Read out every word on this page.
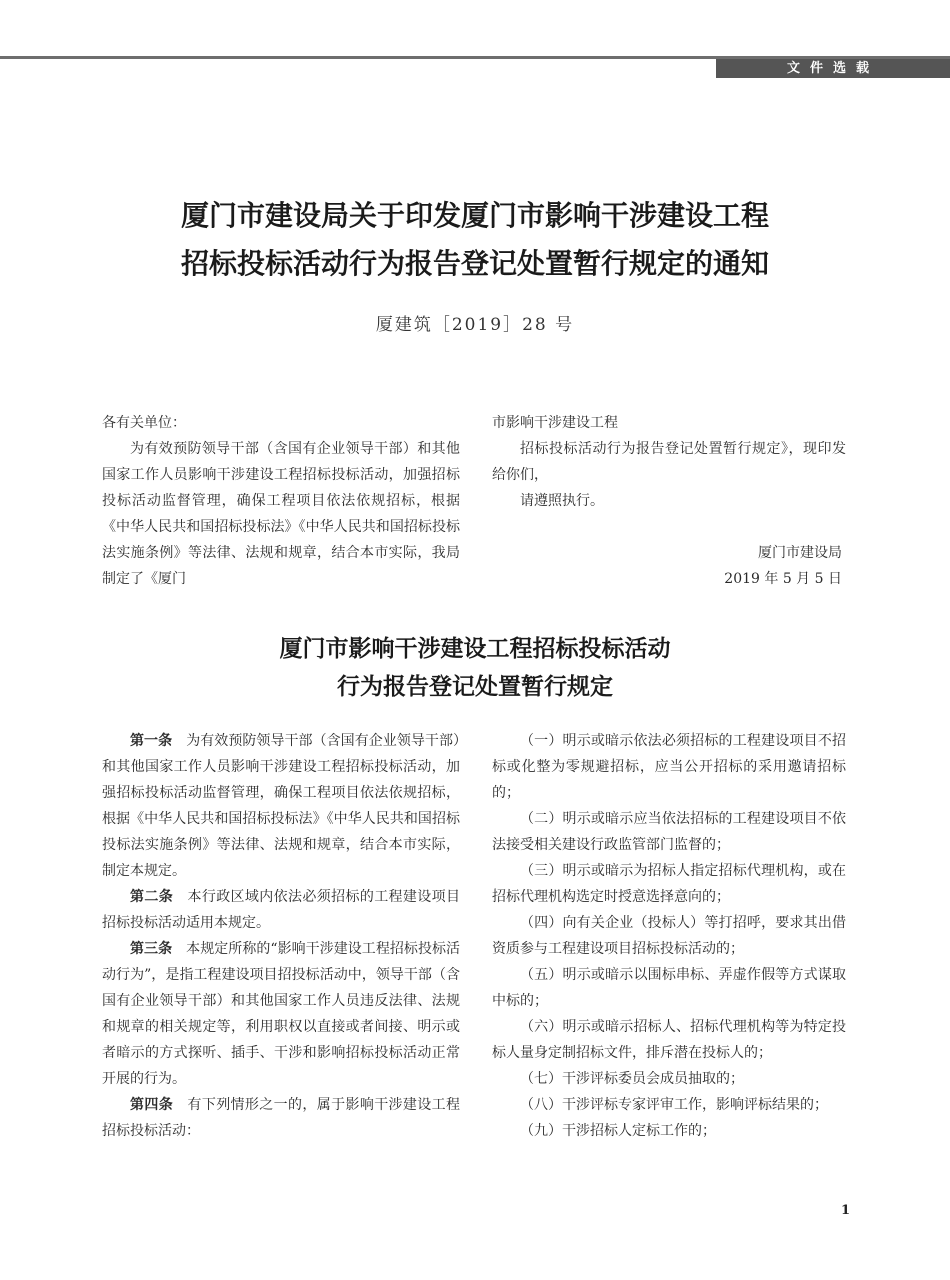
文件选载
厦门市建设局关于印发厦门市影响干涉建设工程
招标投标活动行为报告登记处置暂行规定的通知
厦建筑［2019］28 号

各有关单位：

为有效预防领导干部（含国有企业领导干部）和其他国家工作人员影响干涉建设工程招标投标活动，加强招标投标活动监督管理，确保工程项目依法依规招标，根据《中华人民共和国招标投标法》《中华人民共和国招标投标法实施条例》等法律、法规和规章，结合本市实际，我局制定了《厦门

市影响干涉建设工程

招标投标活动行为报告登记处置暂行规定》，现印发给你们，

请遵照执行。

厦门市建设局

2019 年 5 月 5 日

厦门市影响干涉建设工程招标投标活动
行为报告登记处置暂行规定

第一条　 为有效预防领导干部（含国有企业领导干部）和其他国家工作人员影响干涉建设工程招标投标活动，加强招标投标活动监督管理，确保工程项目依法依规招标，根据《中华人民共和国招标投标法》《中华人民共和国招标投标法实施条例》等法律、法规和规章，结合本市实际，制定本规定。

第二条　 本行政区域内依法必须招标的工程建设项目招标投标活动适用本规定。

第三条　 本规定所称的“影响干涉建设工程招标投标活动行为”，是指工程建设项目招投标活动中，领导干部（含国有企业领导干部）和其他国家工作人员违反法律、法规和规章的相关规定等，利用职权以直接或者间接、明示或者暗示的方式探听、插手、干涉和影响招标投标活动正常开展的行为。

第四条　 有下列情形之一的，属于影响干涉建设工程招标投标活动：

（一）明示或暗示依法必须招标的工程建设项目不招标或化整为零规避招标，应当公开招标的采用邀请招标的；

（二）明示或暗示应当依法招标的工程建设项目不依法接受相关建设行政监管部门监督的；

（三）明示或暗示为招标人指定招标代理机构，或在招标代理机构选定时授意选择意向的；

（四）向有关企业（投标人）等打招呼，要求其出借资质参与工程建设项目招标投标活动的；

（五）明示或暗示以围标串标、弄虚作假等方式谋取中标的；

（六）明示或暗示招标人、招标代理机构等为特定投标人量身定制招标文件，排斥潜在投标人的；

（七）干涉评标委员会成员抽取的；

（八）干涉评标专家评审工作，影响评标结果的；

（九）干涉招标人定标工作的；

1
